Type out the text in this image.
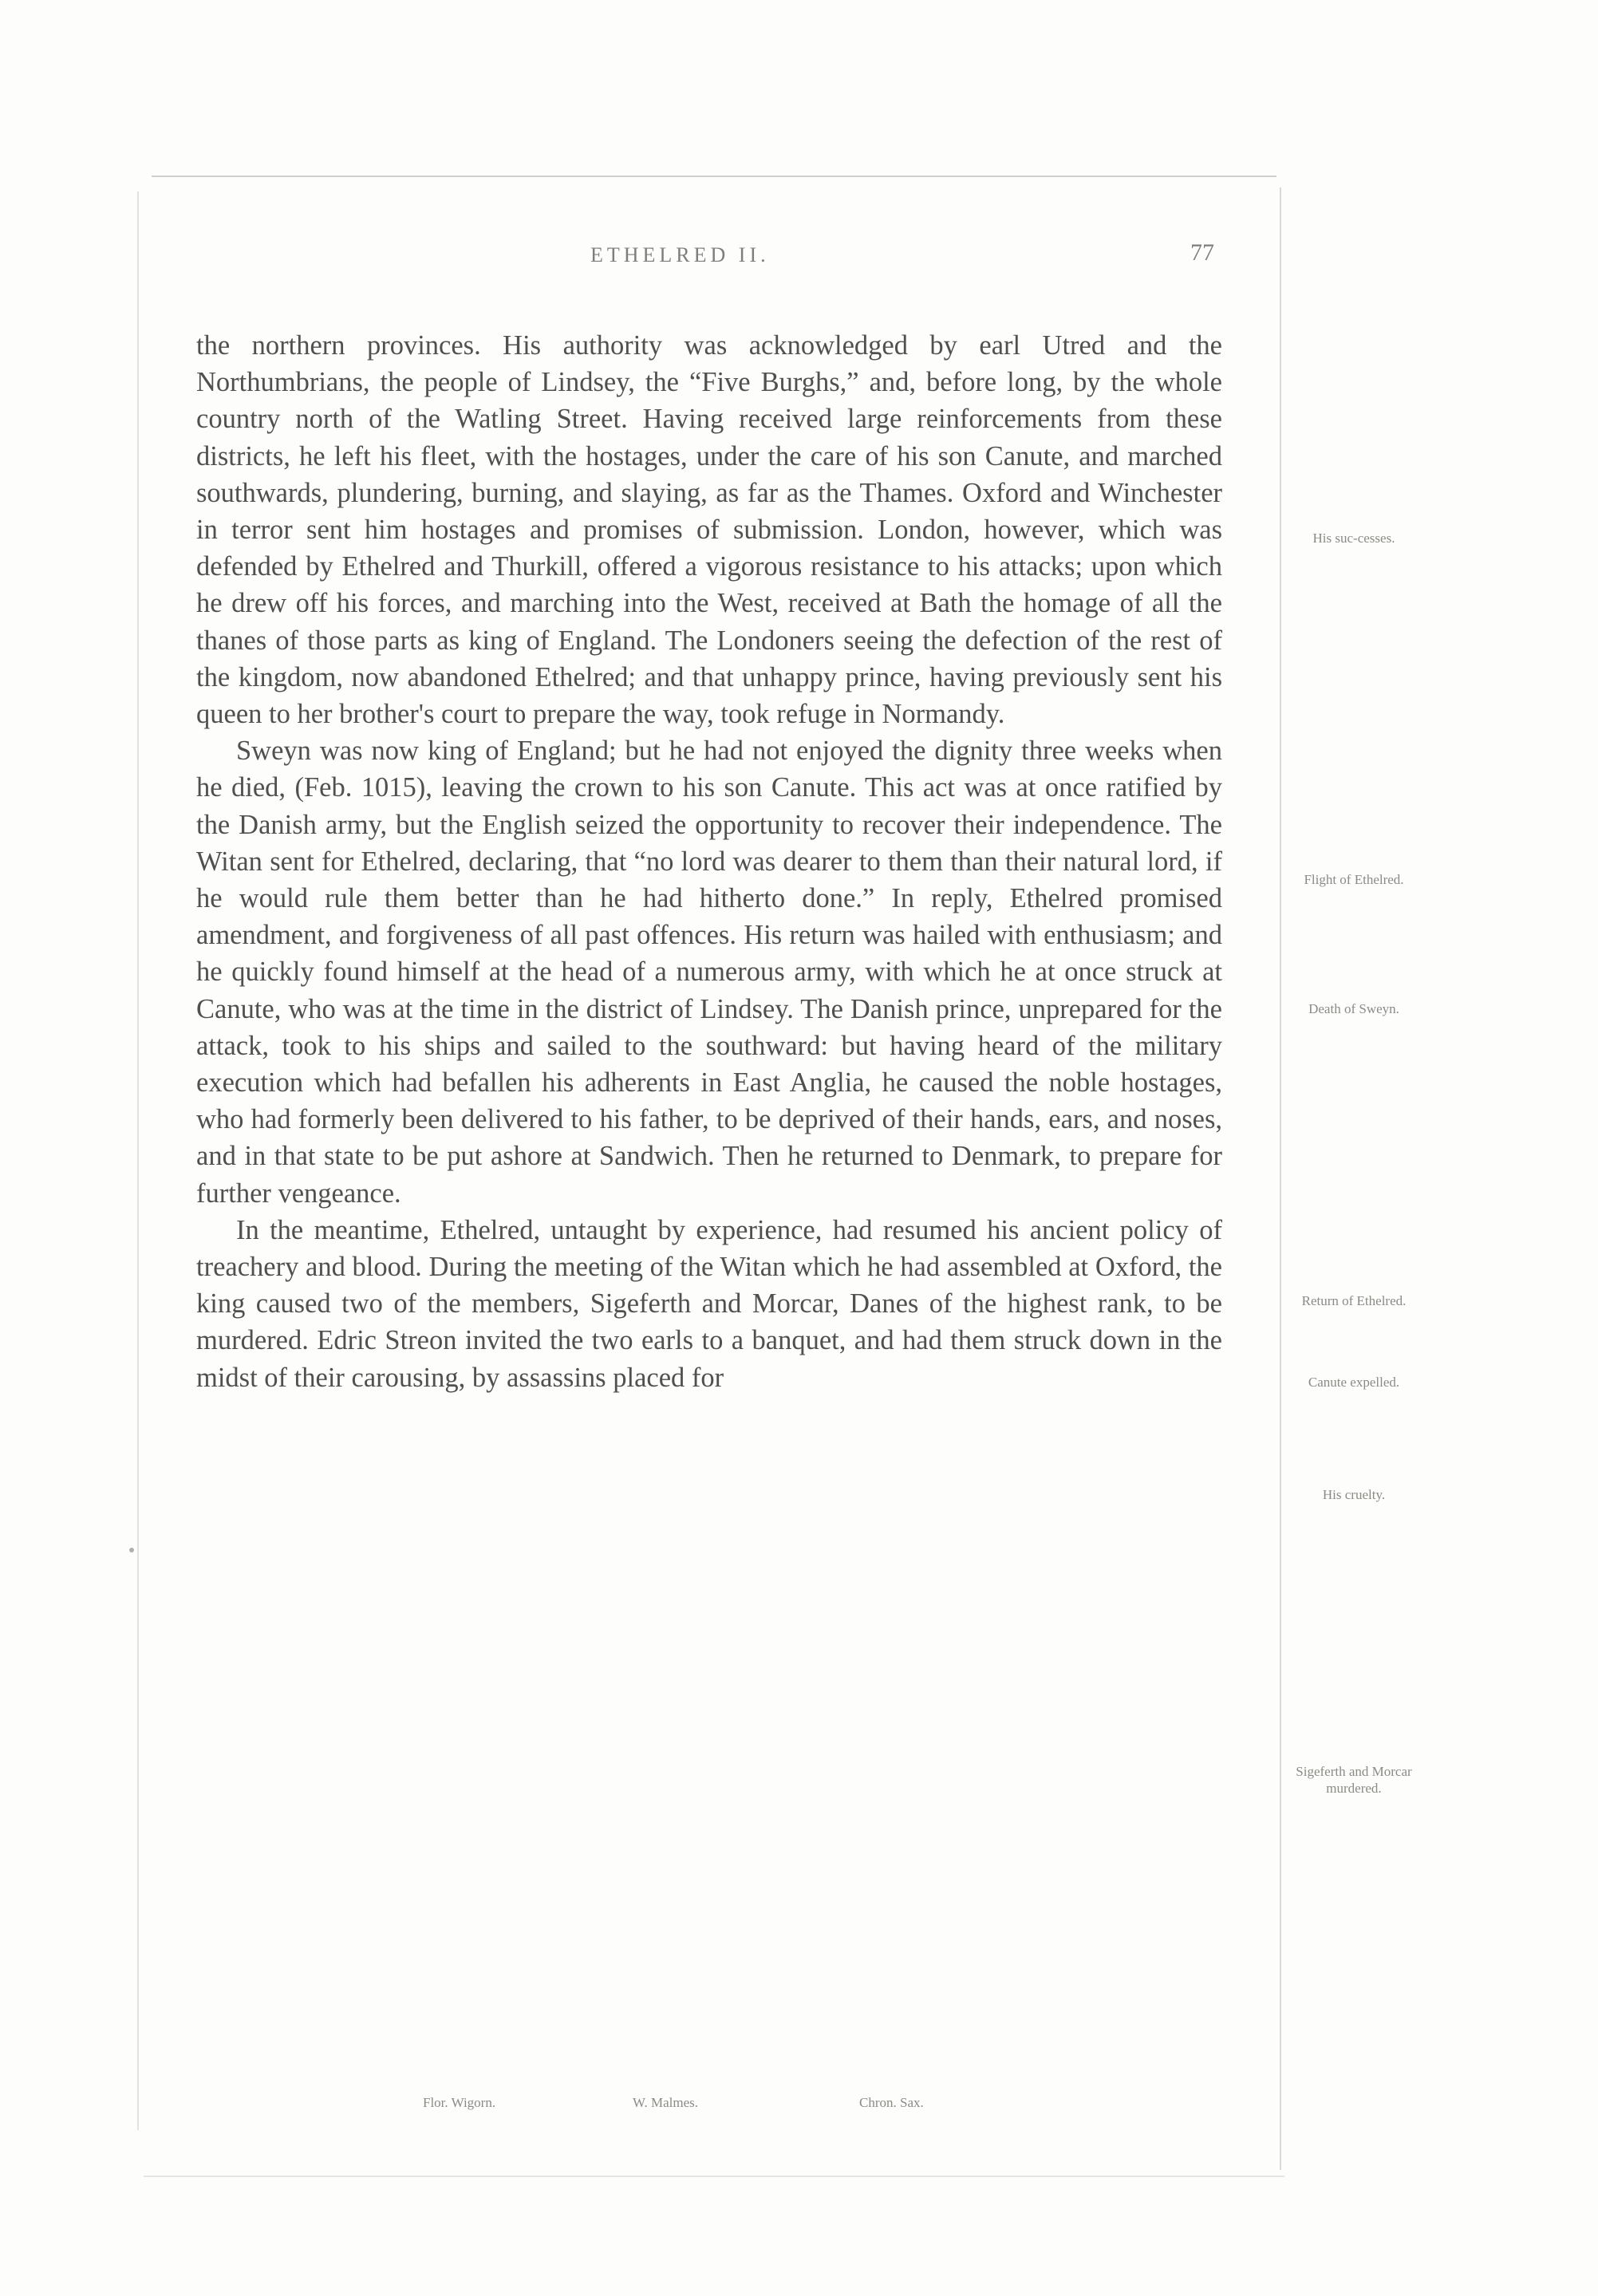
ETHELRED II.	77

the northern provinces. His authority was acknowledged by earl Utred and the Northumbrians, the people of Lindsey, the “Five Burghs,” and, before long, by the whole country north of the Watling Street. Having received large reinforcements from these districts, he left his fleet, with the hostages, under the care of his son Canute, and marched southwards, plundering, burning, and slaying, as far as the Thames. Oxford and Winchester in terror sent him hostages and promises of submission. London, however, which was defended by Ethelred and Thurkill, offered a vigorous resistance to his attacks; upon which he drew off his forces, and marching into the West, received at Bath the homage of all the thanes of those parts as king of England. The Londoners seeing the defection of the rest of the kingdom, now abandoned Ethelred; and that unhappy prince, having previously sent his queen to her brother's court to prepare the way, took refuge in Normandy.

Sweyn was now king of England; but he had not enjoyed the dignity three weeks when he died, (Feb. 1015), leaving the crown to his son Canute. This act was at once ratified by the Danish army, but the English seized the opportunity to recover their independence. The Witan sent for Ethelred, declaring, that “no lord was dearer to them than their natural lord, if he would rule them better than he had hitherto done.” In reply, Ethelred promised amendment, and forgiveness of all past offences. His return was hailed with enthusiasm; and he quickly found himself at the head of a numerous army, with which he at once struck at Canute, who was at the time in the district of Lindsey. The Danish prince, unprepared for the attack, took to his ships and sailed to the southward: but having heard of the military execution which had befallen his adherents in East Anglia, he caused the noble hostages, who had formerly been delivered to his father, to be deprived of their hands, ears, and noses, and in that state to be put ashore at Sandwich. Then he returned to Denmark, to prepare for further vengeance.

In the meantime, Ethelred, untaught by experience, had resumed his ancient policy of treachery and blood. During the meeting of the Witan which he had assembled at Oxford, the king caused two of the members, Sigeferth and Morcar, Danes of the highest rank, to be murdered. Edric Streon invited the two earls to a banquet, and had them struck down in the midst of their carousing, by assassins placed for

His suc-cesses.
Flight of Ethelred.
Death of Sweyn.
Return of Ethelred.
Canute expelled.
His cruelty.
Sigeferth and Morcar murdered.
Flor. Wigorn.	W. Malmes.	Chron. Sax.
